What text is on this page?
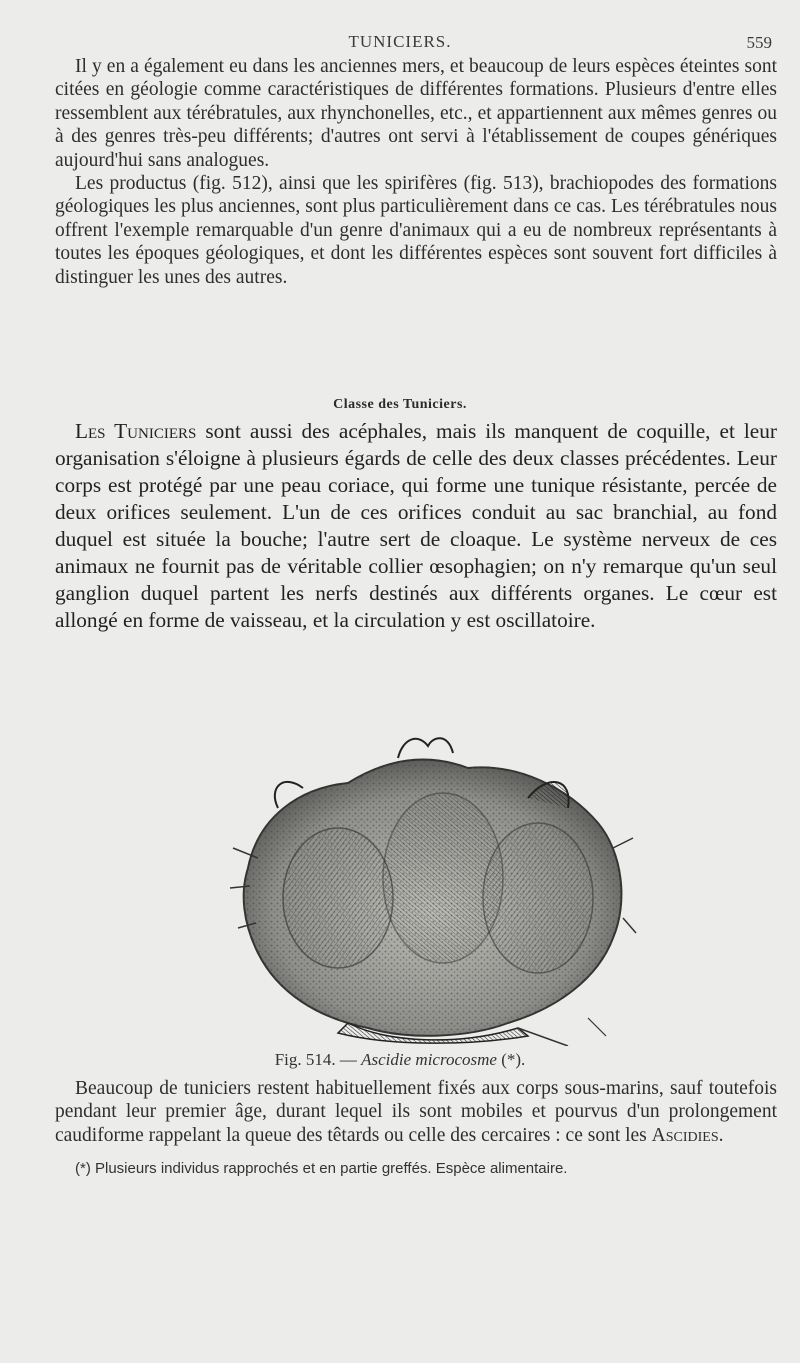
TUNICIERS.	559

Il y en a également eu dans les anciennes mers, et beaucoup de leurs espèces éteintes sont citées en géologie comme caractéristiques de différentes formations. Plusieurs d'entre elles ressemblent aux térébratules, aux rhynchonelles, etc., et appartiennent aux mêmes genres ou à des genres très-peu différents; d'autres ont servi à l'établissement de coupes génériques aujourd'hui sans analogues.

Les productus (fig. 512), ainsi que les spirifères (fig. 513), brachiopodes des formations géologiques les plus anciennes, sont plus particulièrement dans ce cas. Les térébratules nous offrent l'exemple remarquable d'un genre d'animaux qui a eu de nombreux représentants à toutes les époques géologiques, et dont les différentes espèces sont souvent fort difficiles à distinguer les unes des autres.

Classe des Tuniciers.

Les Tuniciers sont aussi des acéphales, mais ils manquent de coquille, et leur organisation s'éloigne à plusieurs égards de celle des deux classes précédentes. Leur corps est protégé par une peau coriace, qui forme une tunique résistante, percée de deux orifices seulement. L'un de ces orifices conduit au sac branchial, au fond duquel est située la bouche; l'autre sert de cloaque. Le système nerveux de ces animaux ne fournit pas de véritable collier œsophagien; on n'y remarque qu'un seul ganglion duquel partent les nerfs destinés aux différents organes. Le cœur est allongé en forme de vaisseau, et la circulation y est oscillatoire.

Fig. 514. — Ascidie microcosme (*).

Beaucoup de tuniciers restent habituellement fixés aux corps sous-marins, sauf toutefois pendant leur premier âge, durant lequel ils sont mobiles et pourvus d'un prolongement caudiforme rappelant la queue des têtards ou celle des cercaires : ce sont les Ascidies.

(*) Plusieurs individus rapprochés et en partie greffés. Espèce alimentaire.
